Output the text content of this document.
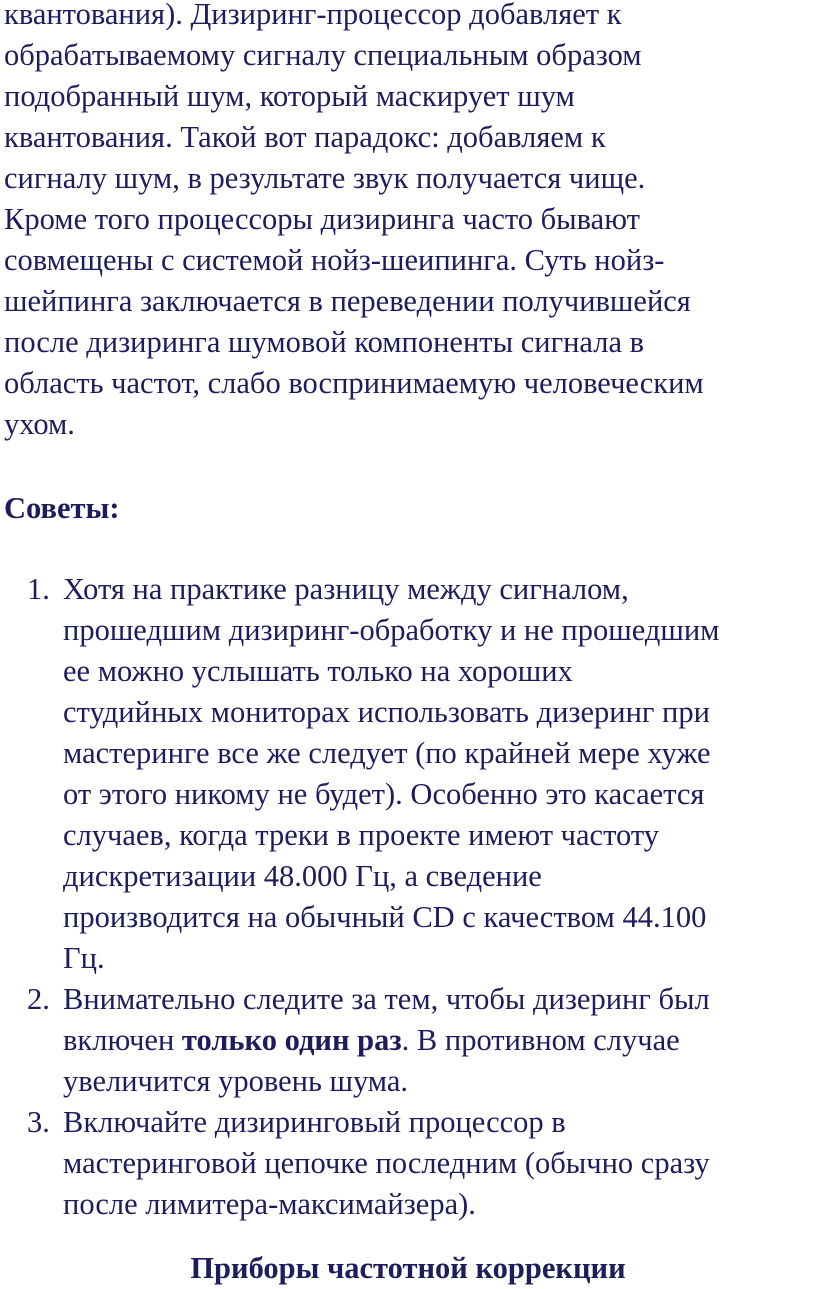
квантования). Дизиринг-процессор добавляет к
обрабатываемому сигналу специальным образом
подобранный шум, который маскирует шум
квантования. Такой вот парадокс: добавляем к
сигналу шум, в результате звук получается чище.
Кроме того процессоры дизиринга часто бывают
совмещены с системой нойз-шеипинга. Суть нойз-
шейпинга заключается в переведении получившейся
после дизиринга шумовой компоненты сигнала в
область частот, слабо воспринимаемую человеческим
ухом.

Советы:
1. Хотя на практике разницу между сигналом,
прошедшим дизиринг-обработку и не прошедшим
ее можно услышать только на хороших
студийных мониторах использовать дизеринг при
мастеринге все же следует (по крайней мере хуже
от этого никому не будет). Особенно это касается
случаев, когда треки в проекте имеют частоту
дискретизации 48.000 Гц, а сведение
производится на обычный CD с качеством 44.100
Гц.
2. Внимательно следите за тем, чтобы дизеринг был
включен только один раз. В противном случае
увеличится уровень шума.
3. Включайте дизиринговый процессор в
мастеринговой цепочке последним (обычно сразу
после лимитера-максимайзера).
Приборы частотной коррекции
